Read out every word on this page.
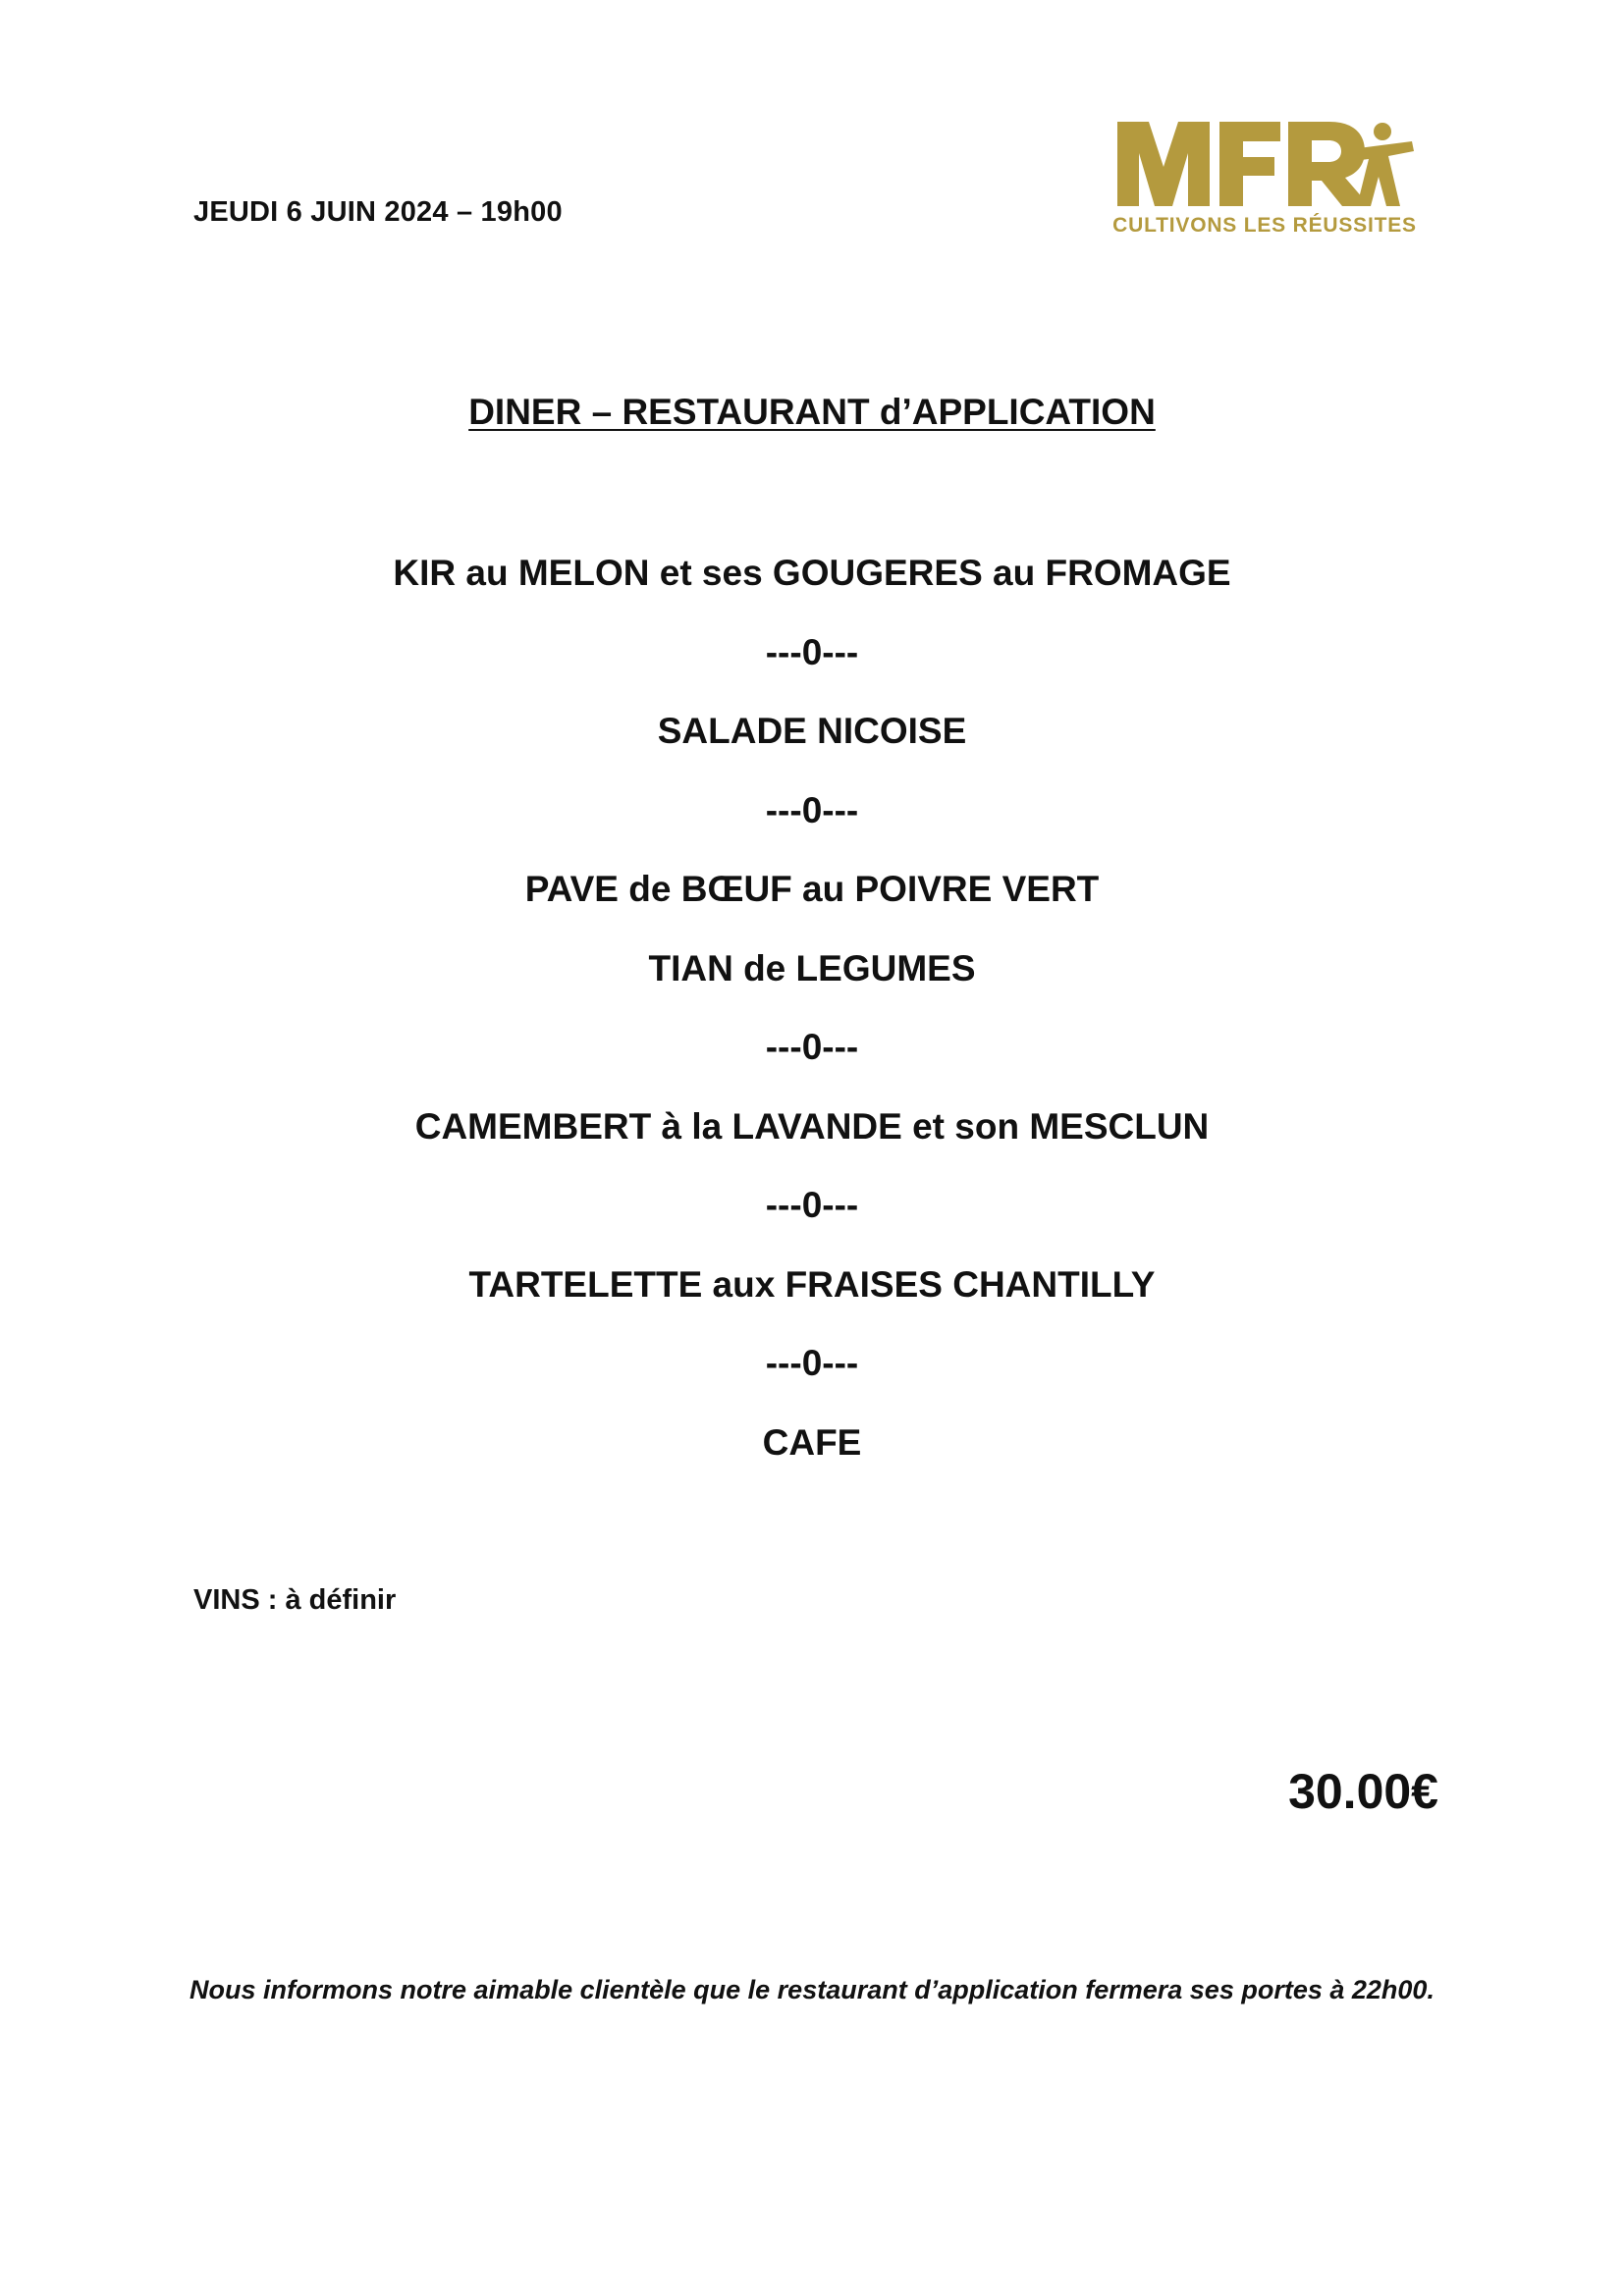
JEUDI 6 JUIN 2024 – 19h00	CULTIVONS LES RÉUSSITES
DINER – RESTAURANT d’APPLICATION
KIR au MELON et ses GOUGERES au FROMAGE
---0---
SALADE NICOISE
---0---
PAVE de BŒUF au POIVRE VERT
TIAN de LEGUMES
---0---
CAMEMBERT à la LAVANDE et son MESCLUN
---0---
TARTELETTE aux FRAISES CHANTILLY
---0---
CAFE
VINS : à définir
30.00€
Nous informons notre aimable clientèle que le restaurant d’application fermera ses portes à 22h00.
